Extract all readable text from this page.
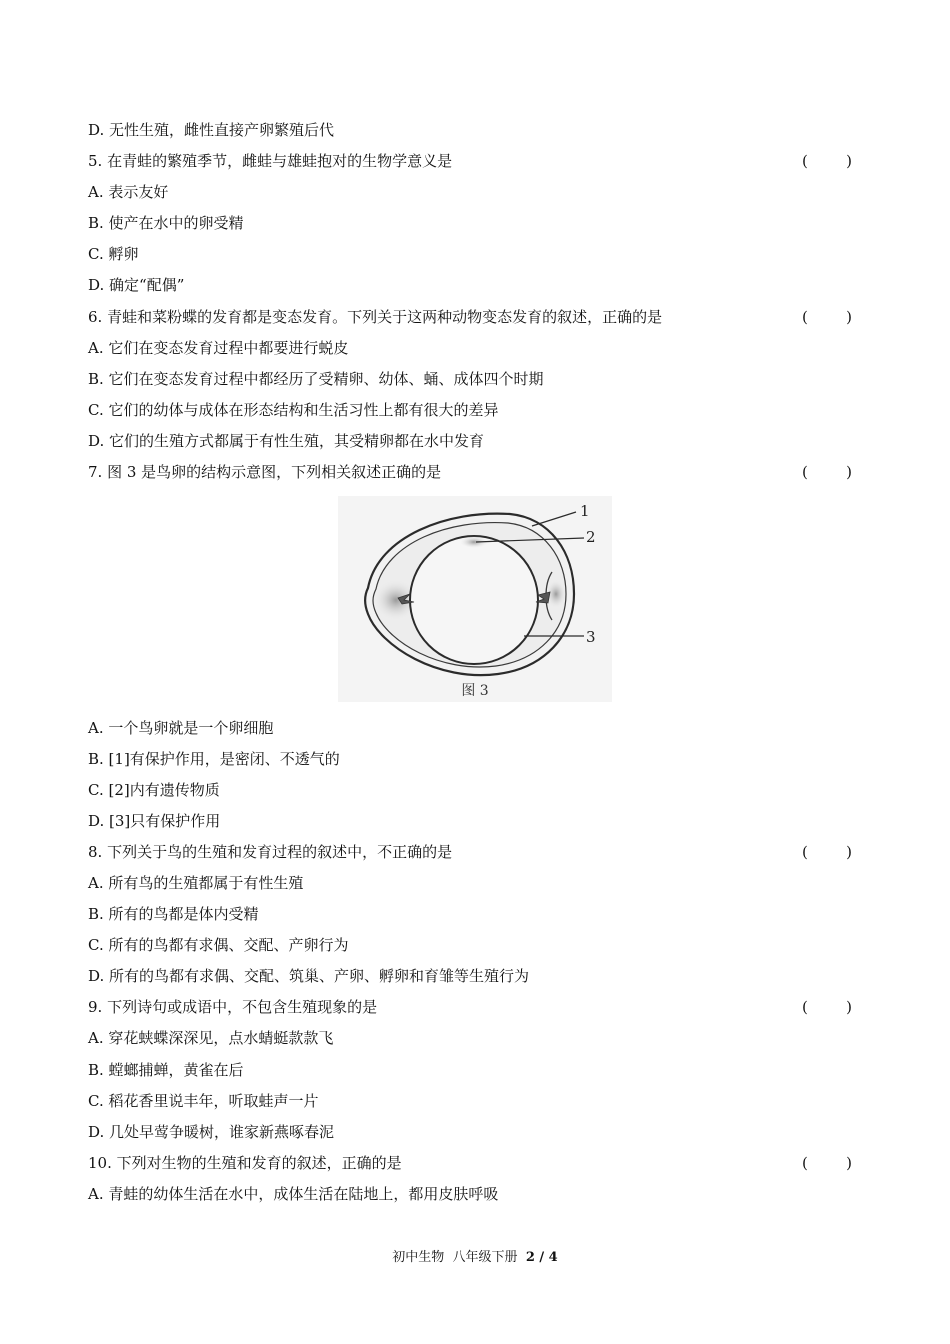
D. 无性生殖，雌性直接产卵繁殖后代
5. 在青蛙的繁殖季节，雌蛙与雄蛙抱对的生物学意义是	(	)
A. 表示友好
B. 使产在水中的卵受精
C. 孵卵
D. 确定“配偶”
6. 青蛙和菜粉蝶的发育都是变态发育。下列关于这两种动物变态发育的叙述，正确的是	(	)
A. 它们在变态发育过程中都要进行蜕皮
B. 它们在变态发育过程中都经历了受精卵、幼体、蛹、成体四个时期
C. 它们的幼体与成体在形态结构和生活习性上都有很大的差异
D. 它们的生殖方式都属于有性生殖，其受精卵都在水中发育
7. 图 3 是鸟卵的结构示意图，下列相关叙述正确的是	(	)
A. 一个鸟卵就是一个卵细胞
B. [1]有保护作用，是密闭、不透气的
C. [2]内有遗传物质
D. [3]只有保护作用
8. 下列关于鸟的生殖和发育过程的叙述中，不正确的是	(	)
A. 所有鸟的生殖都属于有性生殖
B. 所有的鸟都是体内受精
C. 所有的鸟都有求偶、交配、产卵行为
D. 所有的鸟都有求偶、交配、筑巢、产卵、孵卵和育雏等生殖行为
9. 下列诗句或成语中，不包含生殖现象的是	(	)
A. 穿花蛱蝶深深见，点水蜻蜓款款飞
B. 螳螂捕蝉，黄雀在后
C. 稻花香里说丰年，听取蛙声一片
D. 几处早莺争暖树，谁家新燕啄春泥
10. 下列对生物的生殖和发育的叙述，正确的是	(	)
A. 青蛙的幼体生活在水中，成体生活在陆地上，都用皮肤呼吸
1
2
3
图 3
初中生物 八年级下册 2 / 4
